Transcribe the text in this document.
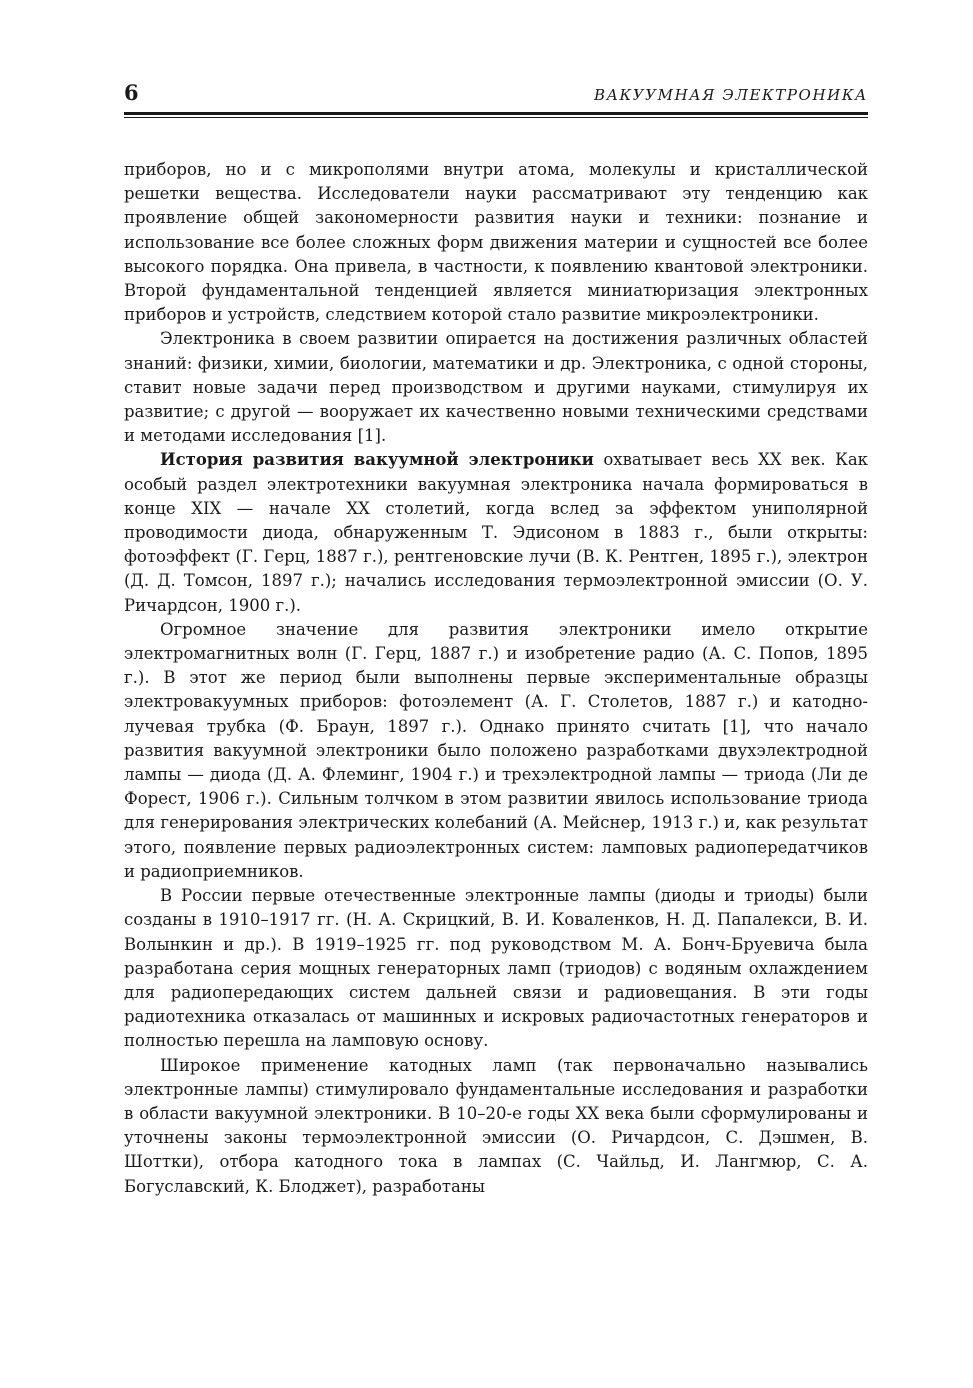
6	ВАКУУМНАЯ ЭЛЕКТРОНИКА

приборов, но и с микрополями внутри атома, молекулы и кристаллической решетки вещества. Исследователи науки рассматривают эту тенденцию как проявление общей закономерности развития науки и техники: познание и использование все более сложных форм движения материи и сущностей все более высокого порядка. Она привела, в частности, к появлению квантовой электроники. Второй фундаментальной тенденцией является миниатюризация электронных приборов и устройств, следствием которой стало развитие микроэлектроники.

Электроника в своем развитии опирается на достижения различных областей знаний: физики, химии, биологии, математики и др. Электроника, с одной стороны, ставит новые задачи перед производством и другими науками, стимулируя их развитие; с другой — вооружает их качественно новыми техническими средствами и методами исследования [1].

История развития вакуумной электроники охватывает весь XX век. Как особый раздел электротехники вакуумная электроника начала формироваться в конце XIX — начале XX столетий, когда вслед за эффектом униполярной проводимости диода, обнаруженным Т. Эдисоном в 1883 г., были открыты: фотоэффект (Г. Герц, 1887 г.), рентгеновские лучи (В. К. Рентген, 1895 г.), электрон (Д. Д. Томсон, 1897 г.); начались исследования термоэлектронной эмиссии (О. У. Ричардсон, 1900 г.).

Огромное значение для развития электроники имело открытие электромагнитных волн (Г. Герц, 1887 г.) и изобретение радио (А. С. Попов, 1895 г.). В этот же период были выполнены первые экспериментальные образцы электровакуумных приборов: фотоэлемент (А. Г. Столетов, 1887 г.) и катодно-лучевая трубка (Ф. Браун, 1897 г.). Однако принято считать [1], что начало развития вакуумной электроники было положено разработками двухэлектродной лампы — диода (Д. А. Флеминг, 1904 г.) и трехэлектродной лампы — триода (Ли де Форест, 1906 г.). Сильным толчком в этом развитии явилось использование триода для генерирования электрических колебаний (А. Мейснер, 1913 г.) и, как результат этого, появление первых радиоэлектронных систем: ламповых радиопередатчиков и радиоприемников.

В России первые отечественные электронные лампы (диоды и триоды) были созданы в 1910–1917 гг. (Н. А. Скрицкий, В. И. Коваленков, Н. Д. Папалекси, В. И. Волынкин и др.). В 1919–1925 гг. под руководством М. А. Бонч-Бруевича была разработана серия мощных генераторных ламп (триодов) с водяным охлаждением для радиопередающих систем дальней связи и радиовещания. В эти годы радиотехника отказалась от машинных и искровых радиочастотных генераторов и полностью перешла на ламповую основу.

Широкое применение катодных ламп (так первоначально назывались электронные лампы) стимулировало фундаментальные исследования и разработки в области вакуумной электроники. В 10–20-е годы XX века были сформулированы и уточнены законы термоэлектронной эмиссии (О. Ричардсон, С. Дэшмен, В. Шоттки), отбора катодного тока в лампах (С. Чайльд, И. Лангмюр, С. А. Богуславский, К. Блоджет), разработаны
